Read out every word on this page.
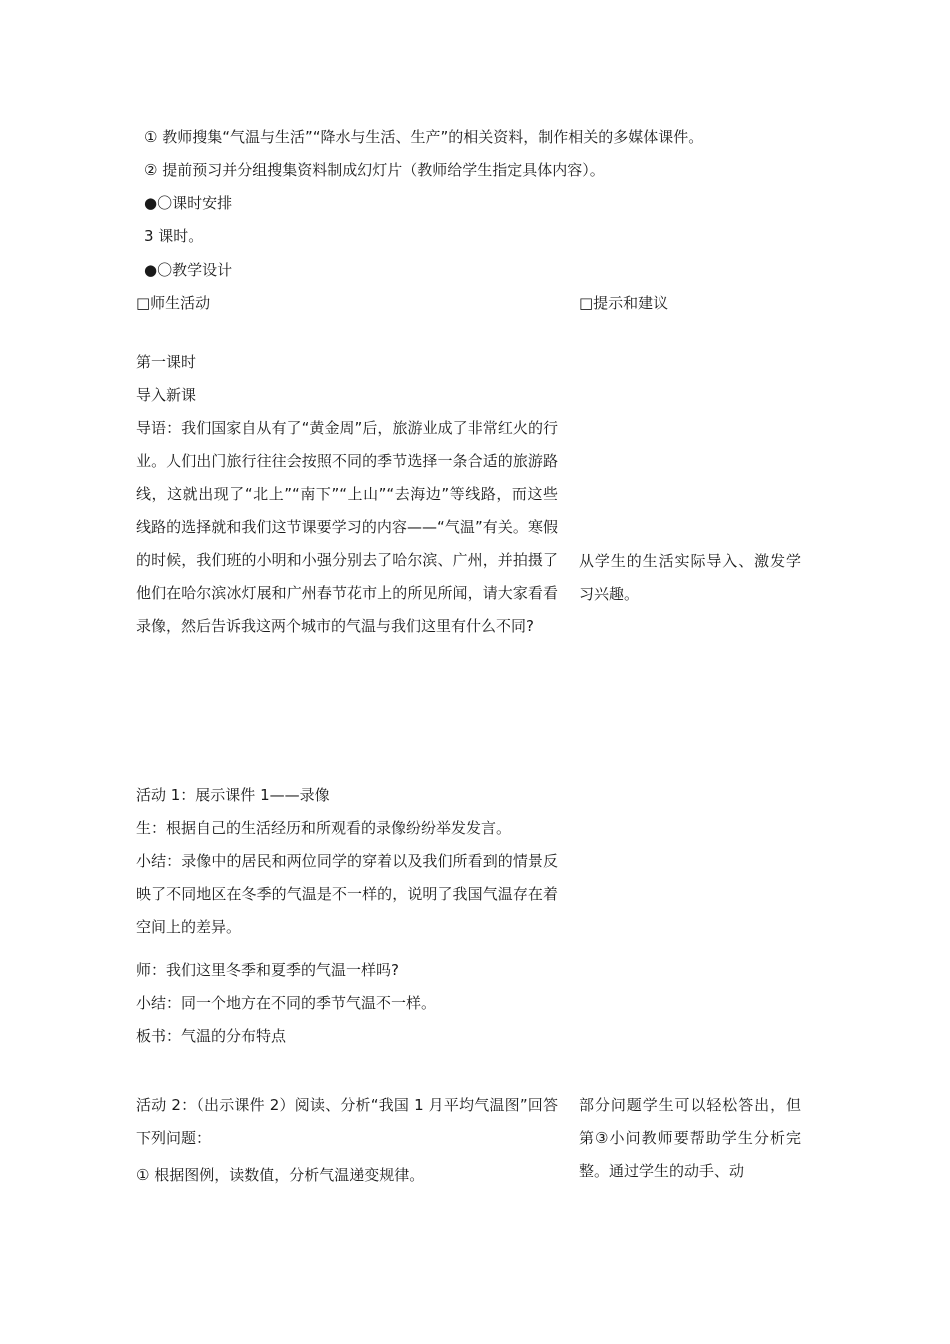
① 教师搜集“气温与生活”“降水与生活、生产”的相关资料，制作相关的多媒体课件。
② 提前预习并分组搜集资料制成幻灯片（教师给学生指定具体内容）。
●〇课时安排
3 课时。
●〇教学设计
□师生活动	□提示和建议
第一课时
导入新课

导语：我们国家自从有了“黄金周”后，旅游业成了非常红火的行业。人们出门旅行往往会按照不同的季节选择一条合适的旅游路线，这就出现了“北上”“南下”“上山”“去海边”等线路，而这些线路的选择就和我们这节课要学习的内容——“气温”有关。寒假的时候，我们班的小明和小强分别去了哈尔滨、广州，并拍摄了他们在哈尔滨冰灯展和广州春节花市上的所见所闻，请大家看看录像，然后告诉我这两个城市的气温与我们这里有什么不同?

从学生的生活实际导入、激发学习兴趣。

活动 1：展示课件 1——录像
生：根据自己的生活经历和所观看的录像纷纷举发发言。

小结：录像中的居民和两位同学的穿着以及我们所看到的情景反映了不同地区在冬季的气温是不一样的，说明了我国气温存在着空间上的差异。

师：我们这里冬季和夏季的气温一样吗?
小结：同一个地方在不同的季节气温不一样。
板书：气温的分布特点

活动 2：（出示课件 2）阅读、分析“我国 1 月平均气温图”回答下列问题：

① 根据图例，读数值，分析气温递变规律。

部分问题学生可以轻松答出，但第③小问教师要帮助学生分析完整。通过学生的动手、动
